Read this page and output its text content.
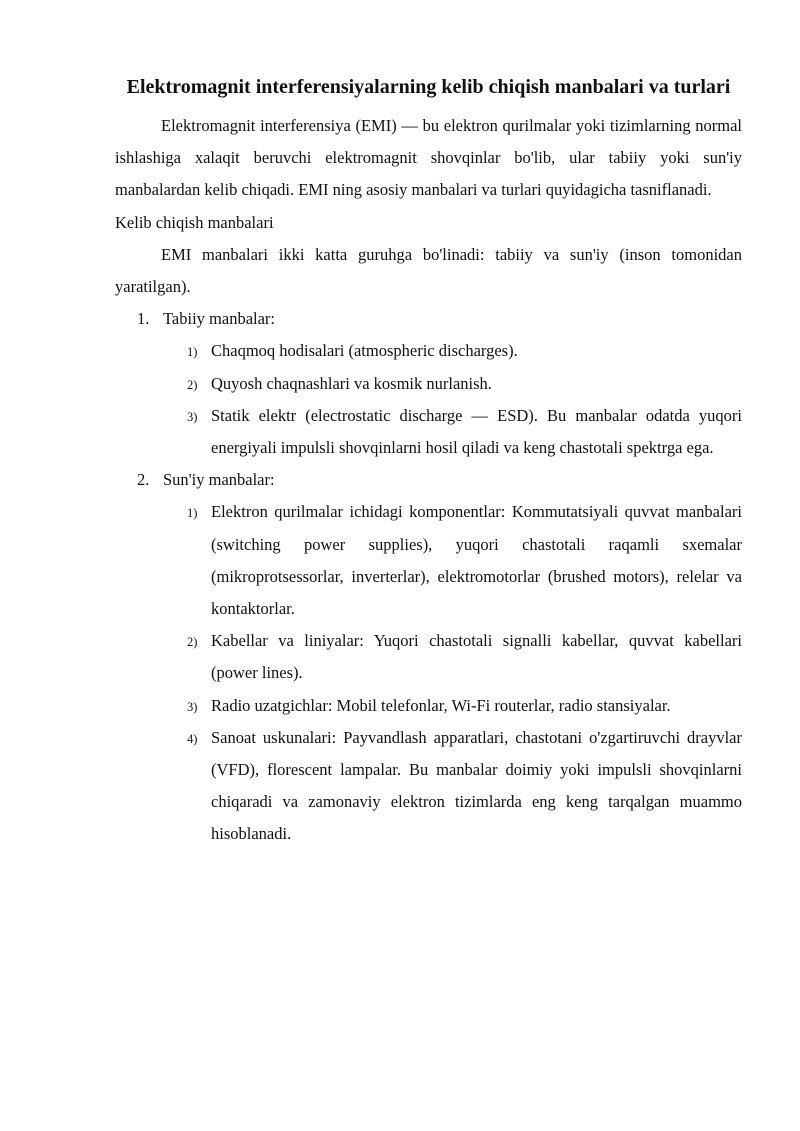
Elektromagnit interferensiyalarning kelib chiqish manbalari va turlari

Elektromagnit interferensiya (EMI) — bu elektron qurilmalar yoki tizimlarning normal ishlashiga xalaqit beruvchi elektromagnit shovqinlar bo'lib, ular tabiiy yoki sun'iy manbalardan kelib chiqadi. EMI ning asosiy manbalari va turlari quyidagicha tasniflanadi.

Kelib chiqish manbalari

EMI manbalari ikki katta guruhga bo'linadi: tabiiy va sun'iy (inson tomonidan yaratilgan).

1. Tabiiy manbalar:
1) Chaqmoq hodisalari (atmospheric discharges).

2) Quyosh chaqnashlari va kosmik nurlanish.

3) Statik elektr (electrostatic discharge — ESD). Bu manbalar odatda yuqori energiyali impulsli shovqinlarni hosil qiladi va keng chastotali spektrga ega.

2. Sun'iy manbalar:
1) Elektron qurilmalar ichidagi komponentlar: Kommutatsiyali quvvat manbalari (switching power supplies), yuqori chastotali raqamli sxemalar (mikroprotsessorlar, inverterlar), elektromotorlar (brushed motors), relelar va kontaktorlar.

2) Kabellar va liniyalar: Yuqori chastotali signalli kabellar, quvvat kabellari (power lines).

3) Radio uzatgichlar: Mobil telefonlar, Wi-Fi routerlar, radio stansiyalar.

4) Sanoat uskunalari: Payvandlash apparatlari, chastotani o'zgartiruvchi drayvlar (VFD), florescent lampalar. Bu manbalar doimiy yoki impulsli shovqinlarni chiqaradi va zamonaviy elektron tizimlarda eng keng tarqalgan muammo hisoblanadi.
